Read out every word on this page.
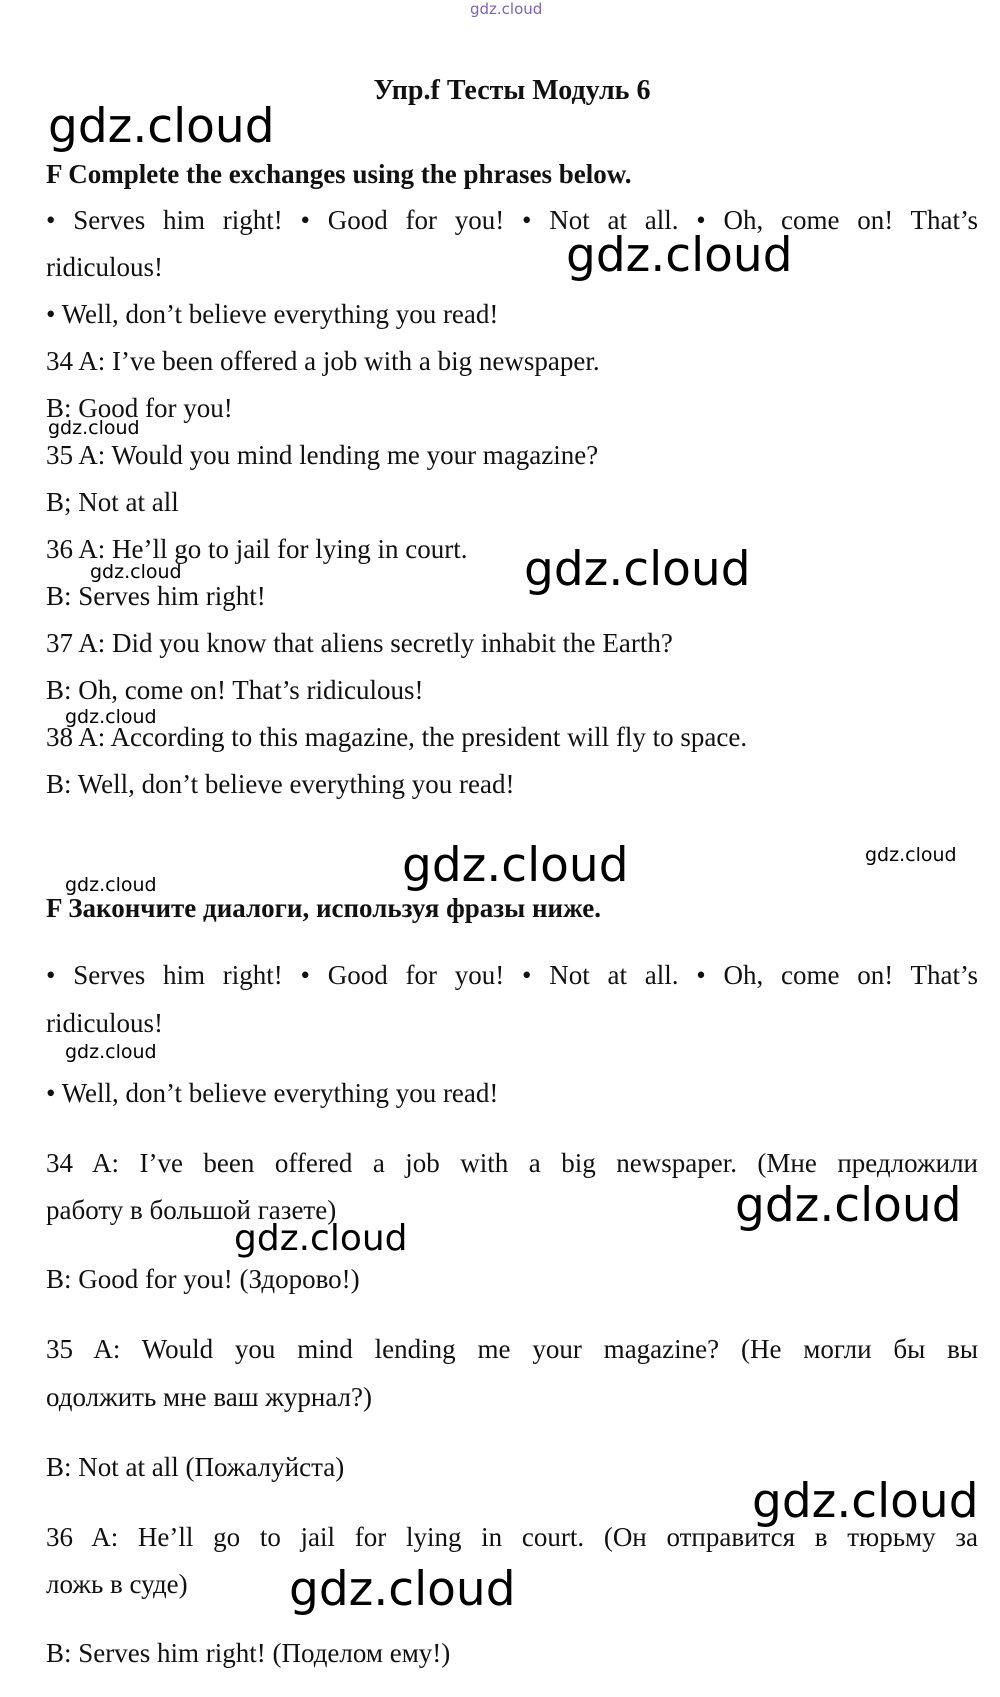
gdz.cloud
gdz.cloud
gdz.cloud
gdz.cloud
gdz.cloud
gdz.cloud
gdz.cloud
gdz.cloud	gdz.cloud
gdz.cloud
gdz.cloud
gdz.cloud
gdz.cloud
gdz.cloud
gdz.cloud
Упр.f Тесты Модуль 6

F Complete the exchanges using the phrases below.

• Serves him right! • Good for you! • Not at all. • Oh, come on! That’s

ridiculous!

• Well, don’t believe everything you read!

34 A: I’ve been offered a job with a big newspaper.

B: Good for you!

35 A: Would you mind lending me your magazine?

B; Not at all

36 A: He’ll go to jail for lying in court.

B: Serves him right!

37 A: Did you know that aliens secretly inhabit the Earth?

B: Oh, come on! That’s ridiculous!

38 A: According to this magazine, the president will fly to space.

B: Well, don’t believe everything you read!

F Закончите диалоги, используя фразы ниже.

• Serves him right! • Good for you! • Not at all. • Oh, come on! That’s

ridiculous!

• Well, don’t believe everything you read!

34 A: I’ve been offered a job with a big newspaper. (Мне предложили

работу в большой газете)

B: Good for you! (Здорово!)

35 A: Would you mind lending me your magazine? (Не могли бы вы

одолжить мне ваш журнал?)

B: Not at all (Пожалуйста)

36 A: He’ll go to jail for lying in court. (Он отправится в тюрьму за

ложь в суде)

B: Serves him right! (Поделом ему!)
